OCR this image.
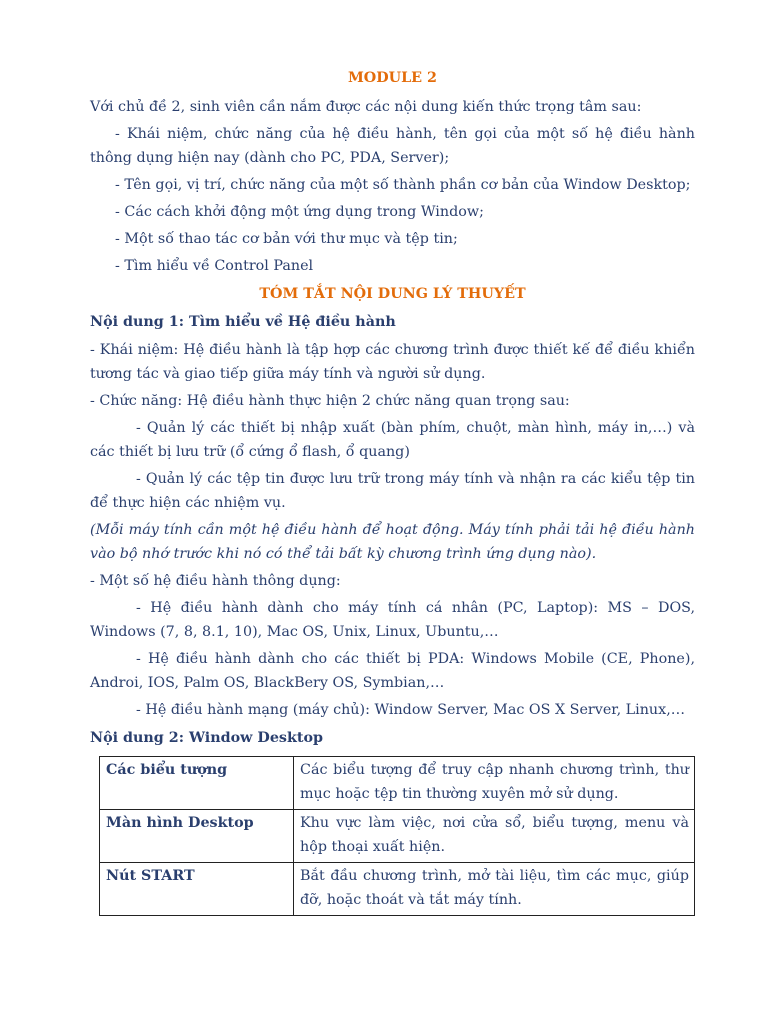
MODULE 2

Với chủ đề 2, sinh viên cần nắm được các nội dung kiến thức trọng tâm sau:

- Khái niệm, chức năng của hệ điều hành, tên gọi của một số hệ điều hành thông dụng hiện nay (dành cho PC, PDA, Server);

- Tên gọi, vị trí, chức năng của một số thành phần cơ bản của Window Desktop;

- Các cách khởi động một ứng dụng trong Window;

- Một số thao tác cơ bản với thư mục và tệp tin;

- Tìm hiểu về Control Panel

TÓM TẮT NỘI DUNG LÝ THUYẾT
Nội dung 1: Tìm hiểu về Hệ điều hành

- Khái niệm: Hệ điều hành là tập hợp các chương trình được thiết kế để điều khiển tương tác và giao tiếp giữa máy tính và người sử dụng.

- Chức năng: Hệ điều hành thực hiện 2 chức năng quan trọng sau:

- Quản lý các thiết bị nhập xuất (bàn phím, chuột, màn hình, máy in,…) và các thiết bị lưu trữ (ổ cứng ổ flash, ổ quang)

- Quản lý các tệp tin được lưu trữ trong máy tính và nhận ra các kiểu tệp tin để thực hiện các nhiệm vụ.

(Mỗi máy tính cần một hệ điều hành để hoạt động. Máy tính phải tải hệ điều hành vào bộ nhớ trước khi nó có thể tải bất kỳ chương trình ứng dụng nào).

- Một số hệ điều hành thông dụng:

- Hệ điều hành dành cho máy tính cá nhân (PC, Laptop): MS – DOS, Windows (7, 8, 8.1, 10), Mac OS, Unix, Linux, Ubuntu,…

- Hệ điều hành dành cho các thiết bị PDA: Windows Mobile (CE, Phone), Androi, IOS, Palm OS, BlackBery OS, Symbian,…

- Hệ điều hành mạng (máy chủ): Window Server, Mac OS X Server, Linux,…

Nội dung 2: Window Desktop
Các biểu tượng	Các biểu tượng để truy cập nhanh chương trình, thư mục hoặc tệp tin thường xuyên mở sử dụng.
Màn hình Desktop	Khu vực làm việc, nơi cửa sổ, biểu tượng, menu và hộp thoại xuất hiện.
Nút START	Bắt đầu chương trình, mở tài liệu, tìm các mục, giúp đỡ, hoặc thoát và tắt máy tính.
